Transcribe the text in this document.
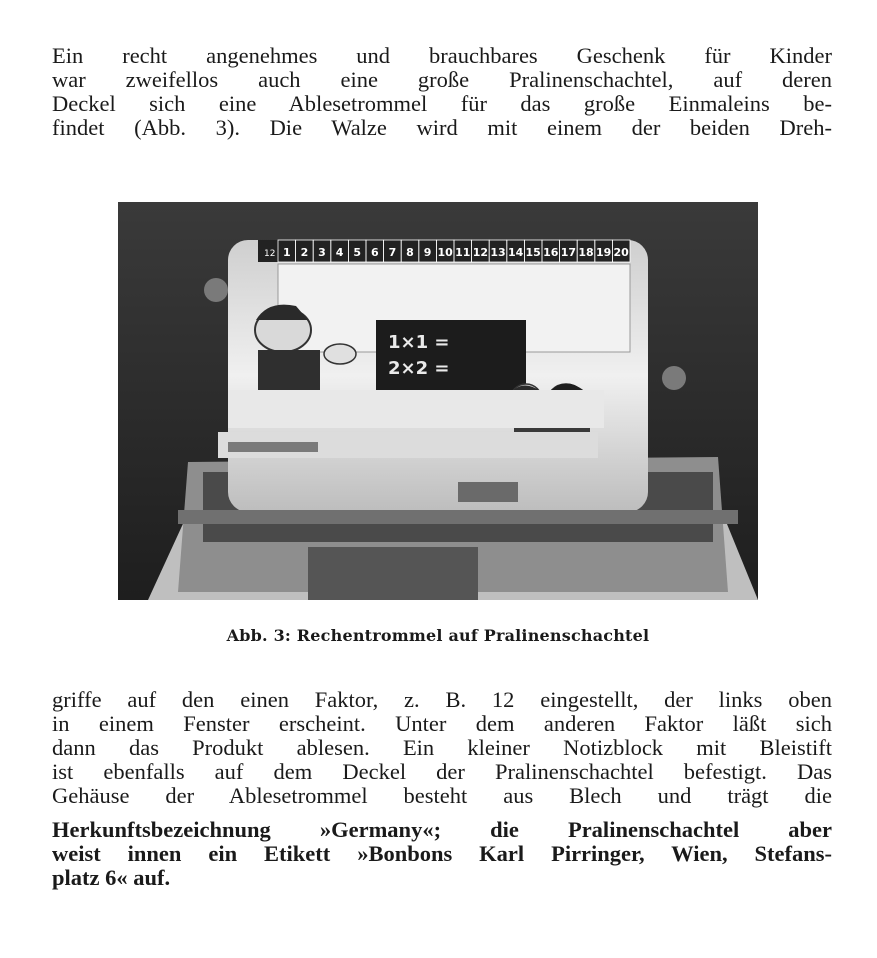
Ein recht angenehmes und brauchbares Geschenk für Kinder
war zweifellos auch eine große Pralinenschachtel, auf deren
Deckel sich eine Ablesetrommel für das große Einmaleins be-
findet (Abb. 3). Die Walze wird mit einem der beiden Dreh-
12 1 2 3 4 5 6 7 8 9 10 11 12 13 14 15 16 17 18 19 20
1×1 =
2×2 =

Abb. 3: Rechentrommel auf Pralinenschachtel

griffe auf den einen Faktor, z. B. 12 eingestellt, der links oben
in einem Fenster erscheint. Unter dem anderen Faktor läßt sich
dann das Produkt ablesen. Ein kleiner Notizblock mit Bleistift
ist ebenfalls auf dem Deckel der Pralinenschachtel befestigt. Das
Gehäuse der Ablesetrommel besteht aus Blech und trägt die
Herkunftsbezeichnung »Germany«; die Pralinenschachtel aber
weist innen ein Etikett »Bonbons Karl Pirringer, Wien, Stefans-
platz 6« auf.
